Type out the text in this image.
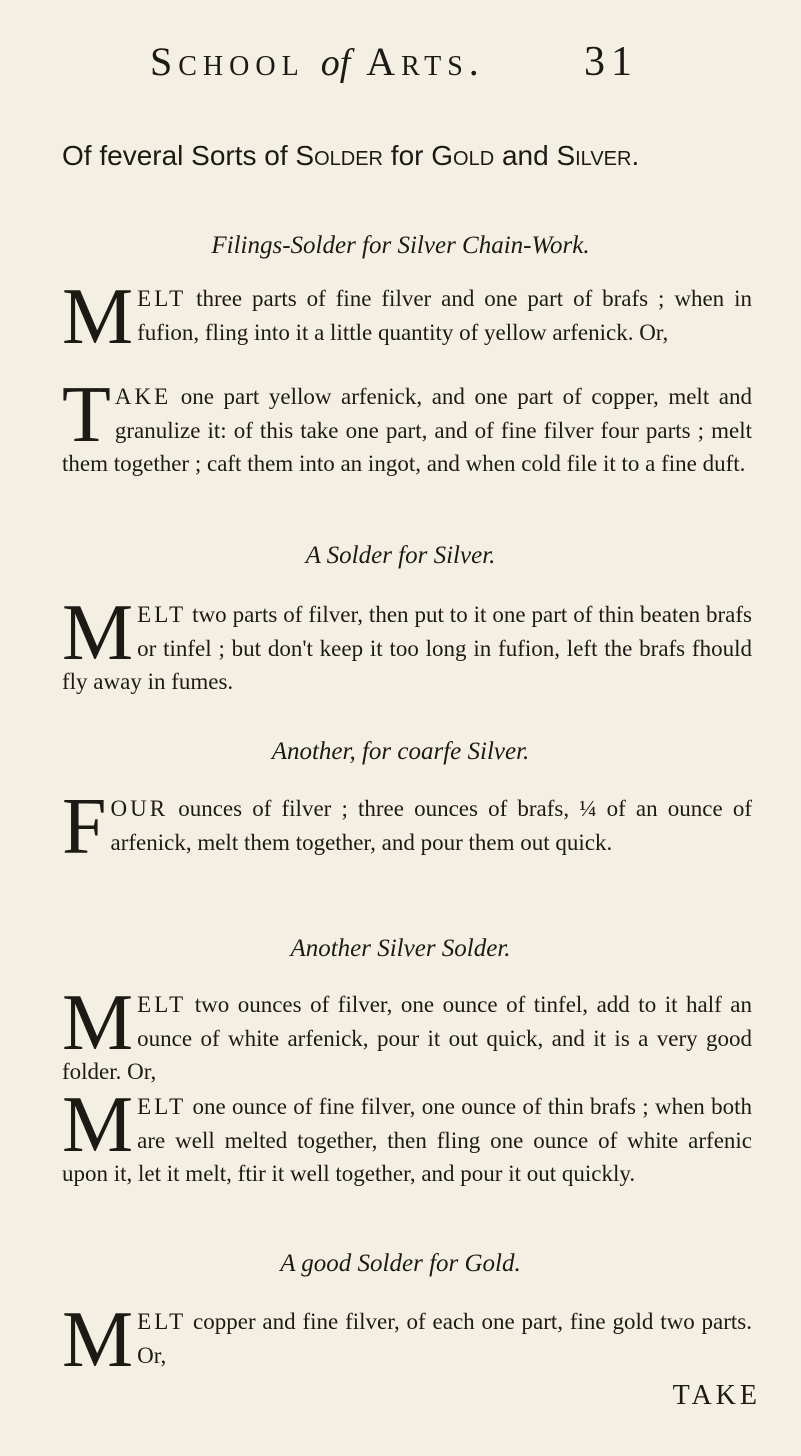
School of Arts. 31
Of feveral Sorts of Solder for Gold and Silver.
Filings-Solder for Silver Chain-Work.

MELT three parts of fine filver and one part of brafs ; when in fufion, fling into it a little quantity of yellow arfenick. Or,

TAKE one part yellow arfenick, and one part of copper, melt and granulize it: of this take one part, and of fine filver four parts ; melt them together ; caft them into an ingot, and when cold file it to a fine duft.

A Solder for Silver.

MELT two parts of filver, then put to it one part of thin beaten brafs or tinfel ; but don't keep it too long in fufion, left the brafs fhould fly away in fumes.

Another, for coarfe Silver.

FOUR ounces of filver ; three ounces of brafs, ¼ of an ounce of arfenick, melt them together, and pour them out quick.

Another Silver Solder.

MELT two ounces of filver, one ounce of tinfel, add to it half an ounce of white arfenick, pour it out quick, and it is a very good folder. Or,

MELT one ounce of fine filver, one ounce of thin brafs ; when both are well melted together, then fling one ounce of white arfenic upon it, let it melt, ftir it well together, and pour it out quickly.

A good Solder for Gold.

MELT copper and fine filver, of each one part, fine gold two parts. Or,

TAKE
